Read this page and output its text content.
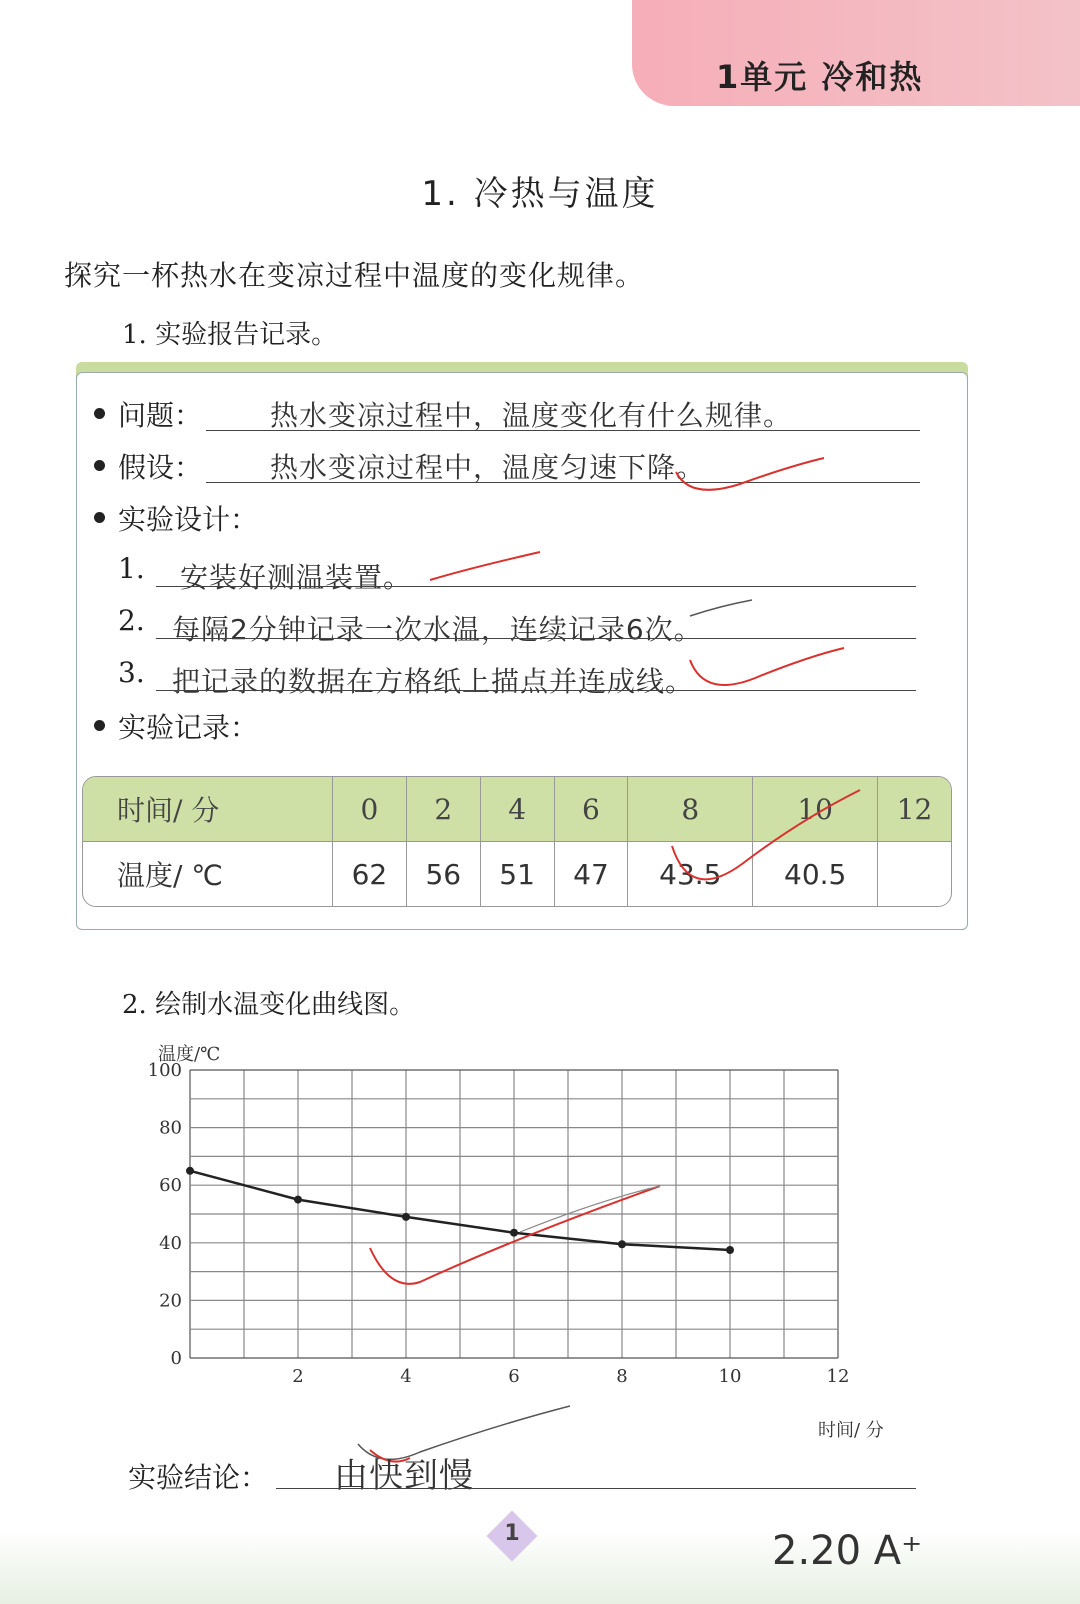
1单元 冷和热
1. 冷热与温度
探究一杯热水在变凉过程中温度的变化规律。
1. 实验报告记录。
问题： 热水变凉过程中，温度变化有什么规律。
假设： 热水变凉过程中，温度匀速下降。
实验设计：
1. 安装好测温装置。
2. 每隔2分钟记录一次水温，连续记录6次。
3. 把记录的数据在方格纸上描点并连成线。
实验记录：
时间/ 分	0	2	4	6	8	10	12
温度/ ℃	62	56	51	47	43.5	40.5	
2. 绘制水温变化曲线图。
2	4	6	8	10	12
0
20
40
60
80
100
温度/℃
时间/ 分
实验结论： 由快到慢
1	2.20 A⁺
